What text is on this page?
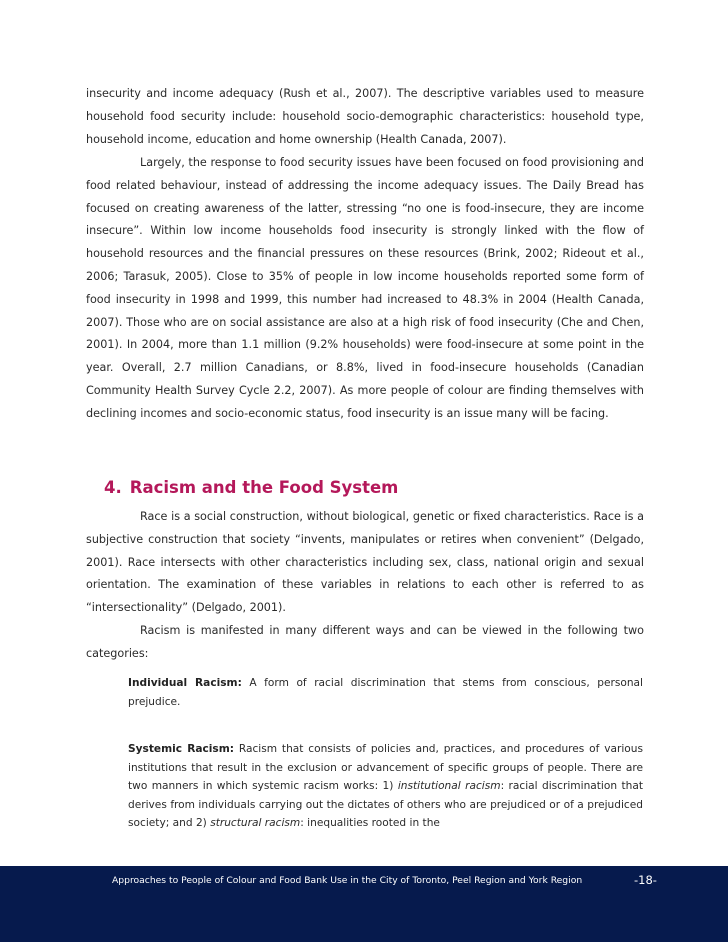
insecurity and income adequacy (Rush et al., 2007). The descriptive variables used to measure household food security include: household socio-demographic characteristics: household type, household income, education and home ownership (Health Canada, 2007).

Largely, the response to food security issues have been focused on food provisioning and food related behaviour, instead of addressing the income adequacy issues. The Daily Bread has focused on creating awareness of the latter, stressing “no one is food-insecure, they are income insecure”. Within low income households food insecurity is strongly linked with the flow of household resources and the financial pressures on these resources (Brink, 2002; Rideout et al., 2006; Tarasuk, 2005). Close to 35% of people in low income households reported some form of food insecurity in 1998 and 1999, this number had increased to 48.3% in 2004 (Health Canada, 2007). Those who are on social assistance are also at a high risk of food insecurity (Che and Chen, 2001). In 2004, more than 1.1 million (9.2% households) were food-insecure at some point in the year. Overall, 2.7 million Canadians, or 8.8%, lived in food-insecure households (Canadian Community Health Survey Cycle 2.2, 2007). As more people of colour are finding themselves with declining incomes and socio-economic status, food insecurity is an issue many will be facing.

4. Racism and the Food System

Race is a social construction, without biological, genetic or fixed characteristics. Race is a subjective construction that society “invents, manipulates or retires when convenient” (Delgado, 2001). Race intersects with other characteristics including sex, class, national origin and sexual orientation. The examination of these variables in relations to each other is referred to as “intersectionality” (Delgado, 2001).

Racism is manifested in many different ways and can be viewed in the following two categories:

Individual Racism: A form of racial discrimination that stems from conscious, personal prejudice.

Systemic Racism: Racism that consists of policies and, practices, and procedures of various institutions that result in the exclusion or advancement of specific groups of people. There are two manners in which systemic racism works: 1) institutional racism: racial discrimination that derives from individuals carrying out the dictates of others who are prejudiced or of a prejudiced society; and 2) structural racism: inequalities rooted in the

Approaches to People of Colour and Food Bank Use in the City of Toronto, Peel Region and York Region	-18-
